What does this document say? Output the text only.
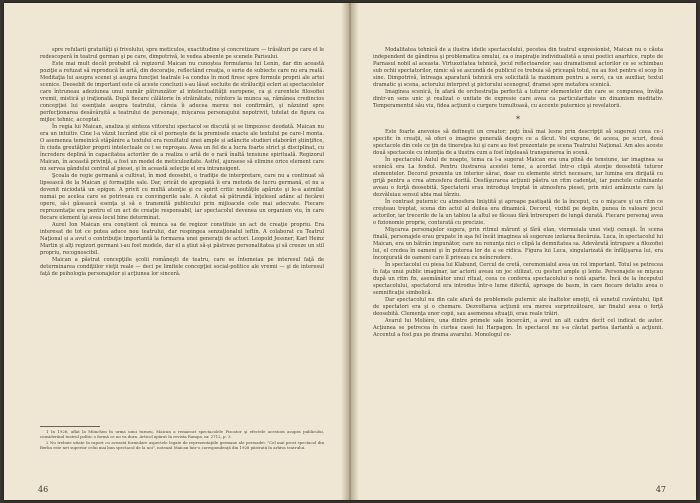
spre refularii gratuitâţi şi frivolului, spre meticulos, exactitudine şi concretizare — trăsături pe care el le redescoperă în teatrul german şi pe care, dimpotrivă, le vedea absente pe scenele Parisului.

Este mai mult decât probabil că regizorul Maican nu cunoştea formularea lui Lenin, dar din această poziţie a refuzat să reproducă în artă, din decoraţie, reflectând creaţia, o serie de subiecte care nu era reală. Meditaţia lui asupra scenei şi asupra funcţiei teatrale l-a condus în mod firesc spre formule proprii ale artei scenice. Deosebit de important este că aceste concluzii s-au lăsat socluite de străluciţii ecleri ai spectacolelor care întruneau adeziunea unui număr pătrunzător al intelectualităţii europene, ca şi curentele filosofiei vremii, mistică şi iraţională. După fiecare călătorie în străinătate, reîntors la munca sa, rămânea credincios concepţiei lui esenţiale asupra teatrului, căreia îi aducea mereu noi confirmări, şi năzuind spre perfecţionarea desăvârşită a teatrului de personaje, mişcarea personajului nepotrivit, tutelat de figura ca mijloc tehnic, acceptat.

În regia lui Maican, analiza şi sinteza viitorului spectacol se discută și se limpezesc deodată. Maican nu era un intuitiv. Cine l-a văzut lucrând știe că el porneşte de la premisele exacte ale textului pe care-l monta. O asemenea temeinică stăpânire a textului era rezultatul unei ample și adâncite studieri elaborări ştiinţifice, în ciuda greutăţilor proprii intelectuale ce i se reproşau. Avea un fel de a lucra foarte strict şi disciplinat, cu încredere deplină în capacitatea actorilor de a realiza o artă de o rară înaltă tensiune spirituală. Regizorul Maican, în această privinţă, a fost un model de meticulozitate. Astfel, ajunsese să elimine orice element care nu servea gândului central al piesei, şi în această selecţie el era intransigent.

Şcoala de regie germană a cultivat, în mod deosebit, o tradiţie de interpretare, care nu a continuat să lipsească de la Maican şi formaţiile sale. Dar, oricât de apropiată îi era metoda de lucru germană, el nu a devenit niciodată un epigon. A privit cu multă atenţie şi cu spirit critic noutăţile apărute şi le-a asimilat numai pe acelea care se potriveau cu convingerile sale. A căutat să pătrundă înţelesul adânc al fiecărei opere, să-i găsească esenţa şi să o transmită publicului prin mijloacele cele mai adecvate. Fiecare reprezentaţie era pentru el un act de creaţie responsabil, iar spectacolul devenea un organism viu, în care fiecare element îşi avea locul bine determinat.

Aurel Ion Maican era conştient că munca sa de regizor constituie un act de creaţie propriu. Era interesat de tot ce putea aduce nou teatrului, dar respingea senzaţionalul ieftin. A colaborat cu Teatrul Naţional și a avut o contribuţie importantă la formarea unei generaţii de actori. Leopold Jessner, Karl Heinz Martin şi alţi regizori germani i-au fost modele, dar el a ştiut să-şi păstreze personalitatea şi să creeze un stil propriu, recognoscibil.

Maican a păstrat concepţiile şcolii româneşti de teatru, care se întemeiau pe interesul faţă de determinarea condiţiilor vieţii reale — deci pe limitele concepţiei social-politice ale vremii — şi de interesul faţă de psihologia personajelor și acţiunea lor sinceră.

1 In 1926, aflat la München în urma unui turneu, Maican a remarcat spectacolele Piscator şi efectele acestora asupra publicului, considerând teatrul politic o formă ce nu va dura. Articol apărut în revista Rampa, nr. 2712, p. 3.

2 Nu trebuie uitate în raport cu această formulare aspectele legate de reprezentaţiile germane ale perioadei: "Cel mai prost spectacol din Berlin este net superior celui mai bun spectacol de la noi", notează Maican într-o corespondenţă din 1928 păstrată în arhiva teatrului.

46

Modalitatea tehnică de a ilustra ideile spectacolului, pecetea din teatrul expresionist, Maican nu o căuta independent de gândirea şi problematica omului, ca o inspiraţie individualistă a unui poetici anarhice, rupte de Parnasul nobil al aceasta. Virtuozitatea tehnică, jocul reflectoarelor, sau dramatismul actorilor ce se schimbau sub ochii spectatorilor, nimic să se ascundă de publicul ce trebuia să priceapă totul, nu au fost pentru el scop în sine. Dimpotrivă, întreaga aparatură tehnică era solicitată la maximum pentru a servi, ca un auxiliar, textul dramatic şi scena, actorului interpret şi pictorului scenograf, dramei spre metafora scenică.

Imaginea scenică, în afară de orchestraţia perfectă a tuturor elementelor din care se compunea, învăţa dintr-un sens unic şi realizat o unitate de expresie care avea ca particularitate un dinamism meditativ. Temperamentul său viu, fidea acţiunii o curgere tumultoasă, cu accente puternice şi revelatorii.

*

Este foarte anevoios să defineşti un creator; poţi însă mai lesne prin descripţii să sugerezi ceea ce-i specific în creaţii, să oferi o imagine generală despre ce a făcut. Voi expune, de aceea, pe scurt, două spectacole din cele ce ţin de tinereţea lui şi care au fost prezentate pe scena Teatrului Naţional. Am ales aceste două spectacole cu intenţia de a ilustra cum a fost înţeleasă transpunerea în scenă.

În spectacolul Aulul de noapte, tema ca l-a sugerat Maican era una plină de tensiune, iar imaginea sa scenică era La fondul. Pentru ilustrarea acestei teme, a acordat într-o clipă atenţie deosebită tuturor elementelor. Decorul prezenta un interior sărac, doar cu elemente strict necesare, iar lumina era dirijată cu grijă pentru a crea atmosfera dorită. Desfăşurarea acţiunii păstra un ritm cadenţat, iar punctele culminante aveau o forţă deosebită. Spectatorii erau introduşi treptat în atmosfera piesei, prin mici amănunte care îşi dezvăluiau sensul abia mai târziu.

În contrast puternic cu atmosfera liniştită şi aproape pastişată de la început, cu o mişcare şi un ritm ce creşteau treptat, scena din actul al doilea era dinamică. Decorul, vizibil pe deplin, punea în valoare jocul actorilor, iar trecerile de la un tablou la altul se făceau fără întreruperi de lungă durată. Fiecare personaj avea o fizionomie proprie, conturată cu precizie.

Mişcarea personajelor sugera, prin ritmul mărunt şi fără elan, viermuiala unei vieţi cenuşii. În scena finală, personajele erau grupate în aşa fel încât imaginea să sugereze izolarea fiecăruia. Luca, în spectacolul lui Maican, era un bătrân impunător, care nu renunţa nici o clipă la demnitatea sa. Adevărată întrupare a filozofiei lui, el credea în oameni şi în puterea lor de a se ridica. Figura lui Luca, singularizată de înfăţişarea lui, era înconjurată de oameni care îl priveau cu neîncredere.

În spectacolul cu piesa lui Klabund, Cercul de cretă, ceremonialul avea un rol important. Totul se petrecea în faţa unui public imaginar, iar actorii aveau un joc stilizat, cu gesturi ample şi lente. Personajele se mişcau după un ritm fix, asemănător unui ritual, ceea ce conferea spectacolului o notă aparte. Încă de la începutul spectacolului, spectatorul era introdus într-o lume diferită, aproape de basm, în care fiecare detaliu avea o semnificaţie simbolică.

Dar spectacolul nu din cale afară de problemele puternic ale înaltelor emoţii, că sunetul cuvântului, lipit de spectatori era şi o chemare. Dezvoltarea acţiunii era mereu surprinzătoare, iar finalul avea o forţă deosebită. Clemenţa unor copii, sau asemenea situaţii, erau reale trăiri.

Avarul lui Molière, una dintre primele sale încercări, a avut un alt cadru decît cel indicat de autor. Acţiunea se petrecea în curtea casei lui Harpagon. În spectacol nu s-a căutat partea ilariantă a acţiunii. Accentul a fost pus pe drama avarului. Monologul ce-

47
